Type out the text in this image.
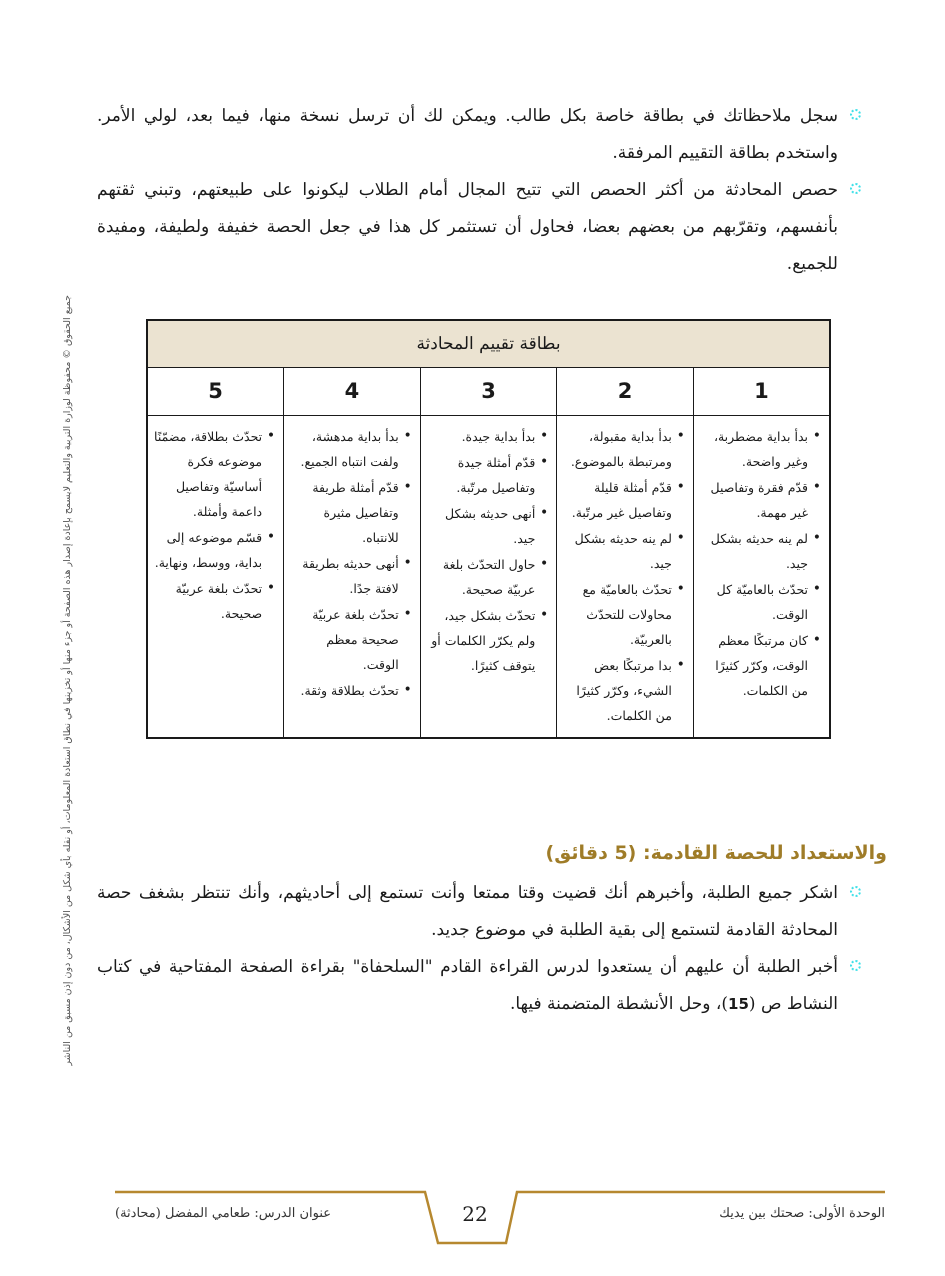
جميع الحقوق © محفوظة لوزارة التربية والتعليم لايسمح بإعادة إصدار هذه الصفحة أو جزء منها أو تخزينها في نطاق استعادة المعلومات، أو نقله بأي شكل من الأشكال، من دون إذن مسبق من الناشر
سجل ملاحظاتك في بطاقة خاصة بكل طالب. ويمكن لك أن ترسل نسخة منها، فيما بعد، لولي الأمر. واستخدم بطاقة التقييم المرفقة.
حصص المحادثة من أكثر الحصص التي تتيح المجال أمام الطلاب ليكونوا على طبيعتهم، وتبني ثقتهم بأنفسهم، وتقرّبهم من بعضهم بعضا، فحاول أن تستثمر كل هذا في جعل الحصة خفيفة ولطيفة، ومفيدة للجميع.
بطاقة تقييم المحادثة				
1	2	3	4	5

• بدأ بداية مضطربة، وغير واضحة.
• قدّم فقرة وتفاصيل غير مهمة.
• لم ينه حديثه بشكل جيد.
• تحدّث بالعاميّة كل الوقت.
• كان مرتبكًا معظم الوقت، وكرّر كثيرًا من الكلمات.

• بدأ بداية مقبولة، ومرتبطة بالموضوع.
• قدّم أمثلة قليلة وتفاصيل غير مرتّبة.
• لم ينه حديثه بشكل جيد.
• تحدّث بالعاميّة مع محاولات للتحدّث بالعربيّة.
• بدا مرتبكًا بعض الشيء، وكرّر كثيرًا من الكلمات.

• بدأ بداية جيدة.
• قدّم أمثلة جيدة وتفاصيل مرتّبة.
• أنهى حديثه بشكل جيد.
• حاول التحدّث بلغة عربيّة صحيحة.
• تحدّث بشكل جيد، ولم يكرّر الكلمات أو يتوقف كثيرًا.

• بدأ بداية مدهشة، ولفت انتباه الجميع.
• قدّم أمثلة طريفة وتفاصيل مثيرة للانتباه.
• أنهى حديثه بطريقة لافتة جدًا.
• تحدّث بلغة عربيّة صحيحة معظم الوقت.
• تحدّث بطلاقة وثقة.

• تحدّث بطلاقة، مضمّنًا موضوعه فكرة أساسيّة وتفاصيل داعمة وأمثلة.
• قسّم موضوعه إلى بداية، ووسط، ونهاية.
• تحدّث بلغة عربيّة صحيحة.
والاستعداد للحصة القادمة: (5 دقائق)
اشكر جميع الطلبة، وأخبرهم أنك قضيت وقتا ممتعا وأنت تستمع إلى أحاديثهم، وأنك تنتظر بشغف حصة المحادثة القادمة لتستمع إلى بقية الطلبة في موضوع جديد.
أخبر الطلبة أن عليهم أن يستعدوا لدرس القراءة القادم "السلحفاة" بقراءة الصفحة المفتاحية في كتاب النشاط ص (15)، وحل الأنشطة المتضمنة فيها.
عنوان الدرس: طعامي المفضل (محادثة)	الوحدة الأولى: صحتك بين يديك
22
